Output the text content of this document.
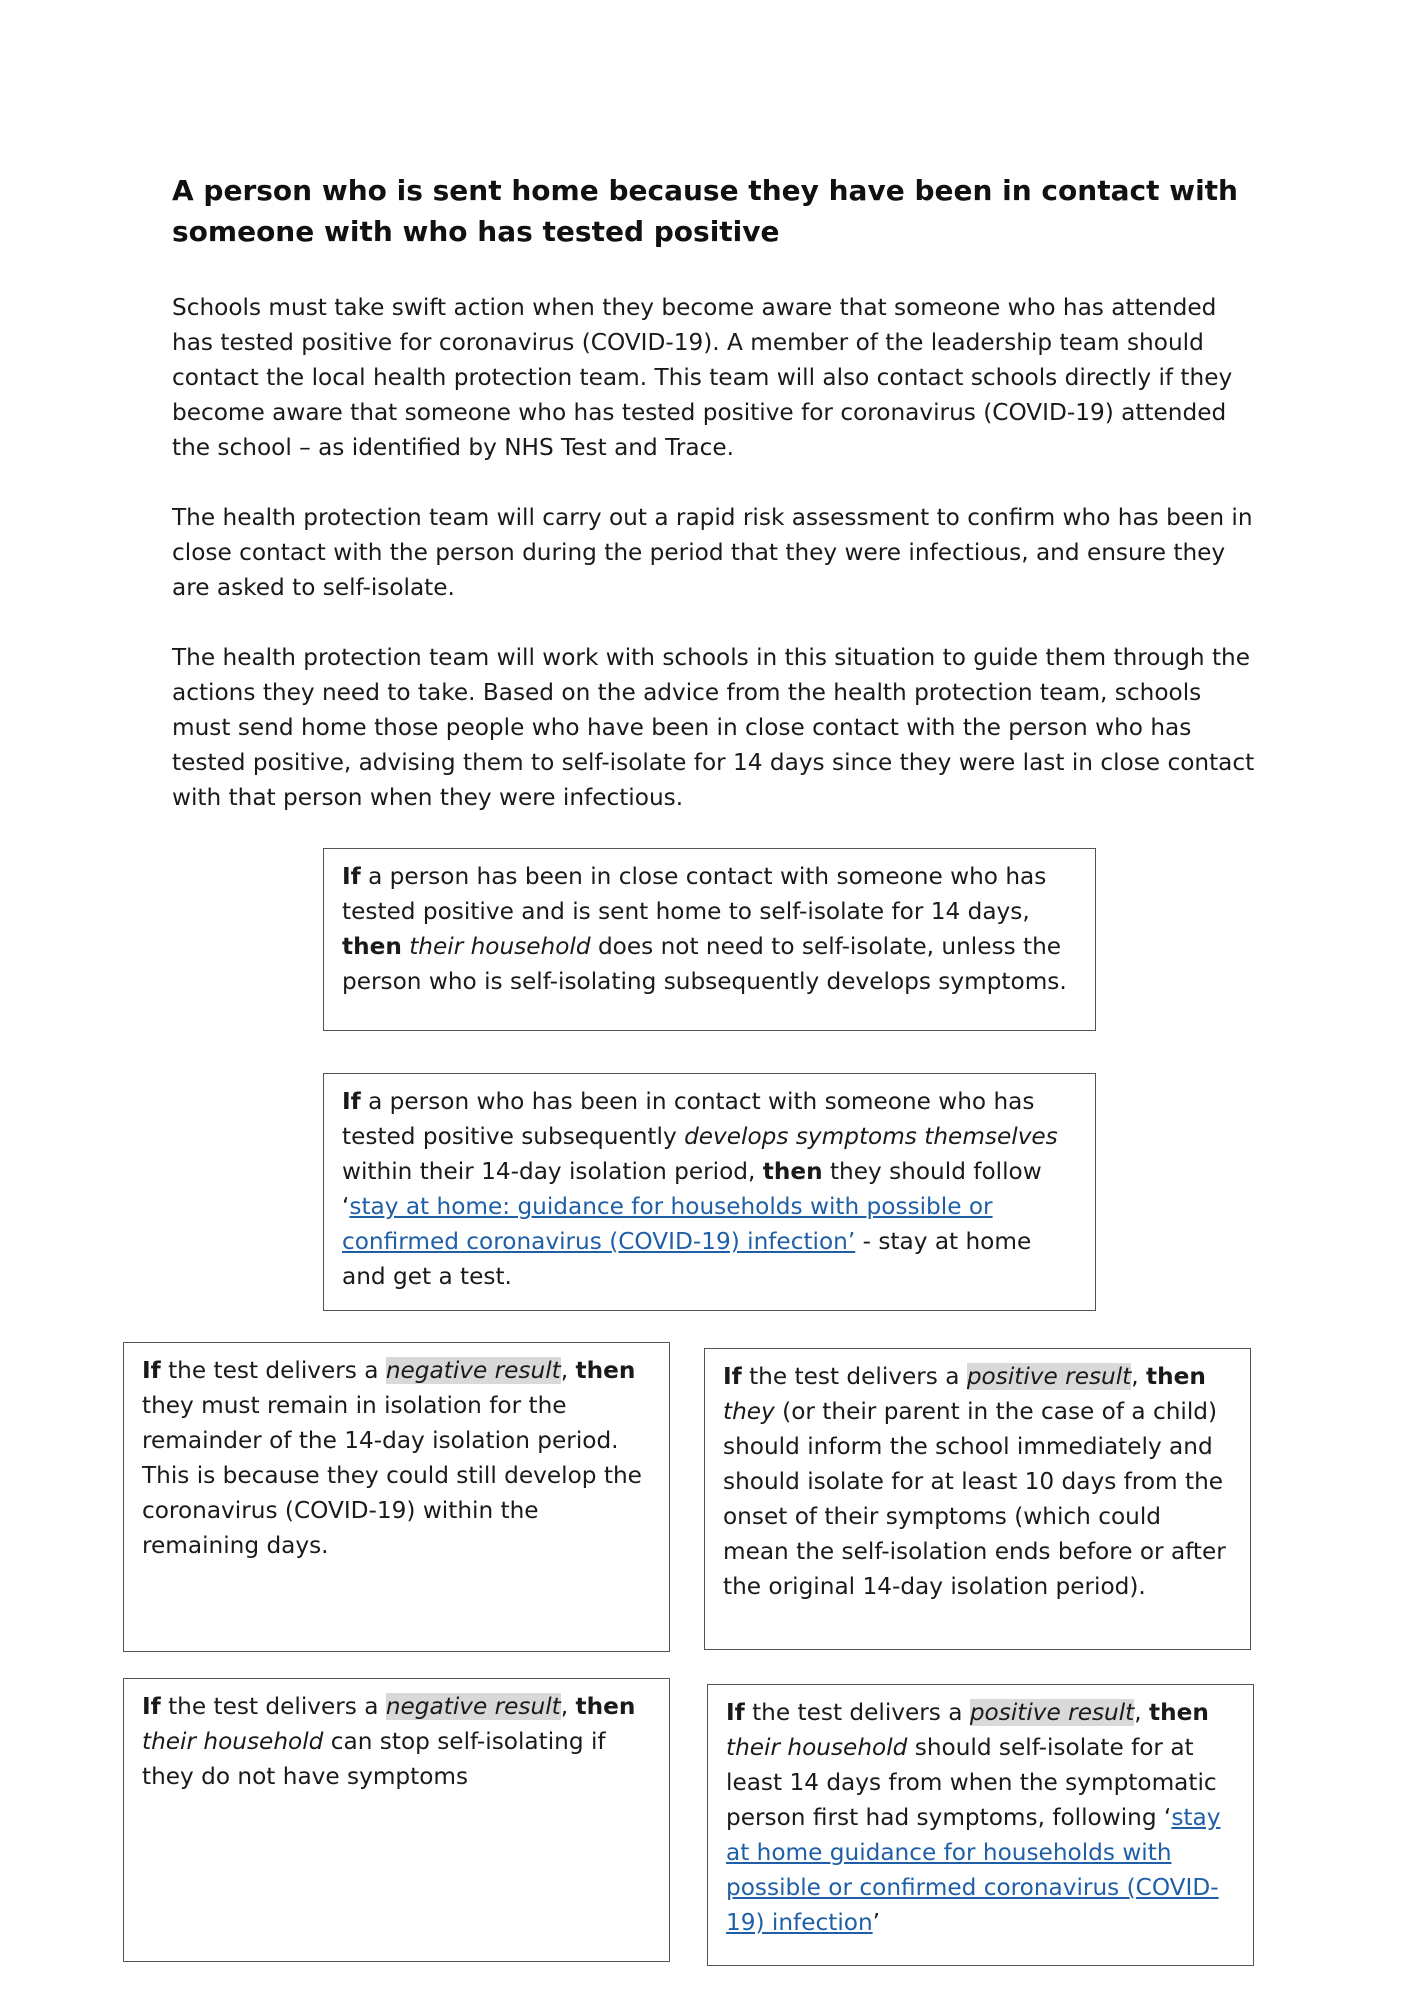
A person who is sent home because they have been in contact with someone with who has tested positive

Schools must take swift action when they become aware that someone who has attended has tested positive for coronavirus (COVID-19). A member of the leadership team should contact the local health protection team. This team will also contact schools directly if they become aware that someone who has tested positive for coronavirus (COVID-19) attended the school – as identified by NHS Test and Trace.

The health protection team will carry out a rapid risk assessment to confirm who has been in close contact with the person during the period that they were infectious, and ensure they are asked to self-isolate.

The health protection team will work with schools in this situation to guide them through the actions they need to take. Based on the advice from the health protection team, schools must send home those people who have been in close contact with the person who has tested positive, advising them to self-isolate for 14 days since they were last in close contact with that person when they were infectious.

If a person has been in close contact with someone who has tested positive and is sent home to self-isolate for 14 days, then their household does not need to self-isolate, unless the person who is self-isolating subsequently develops symptoms.

If a person who has been in contact with someone who has tested positive subsequently develops symptoms themselves within their 14-day isolation period, then they should follow ‘stay at home: guidance for households with possible or confirmed coronavirus (COVID-19) infection’ - stay at home and get a test.

If the test delivers a negative result, then they must remain in isolation for the remainder of the 14-day isolation period. This is because they could still develop the coronavirus (COVID-19) within the remaining days.

If the test delivers a positive result, then they (or their parent in the case of a child) should inform the school immediately and should isolate for at least 10 days from the onset of their symptoms (which could mean the self-isolation ends before or after the original 14-day isolation period).

If the test delivers a negative result, then their household can stop self-isolating if they do not have symptoms

If the test delivers a positive result, then their household should self-isolate for at least 14 days from when the symptomatic person first had symptoms, following ‘stay at home guidance for households with possible or confirmed coronavirus (COVID-19) infection’
